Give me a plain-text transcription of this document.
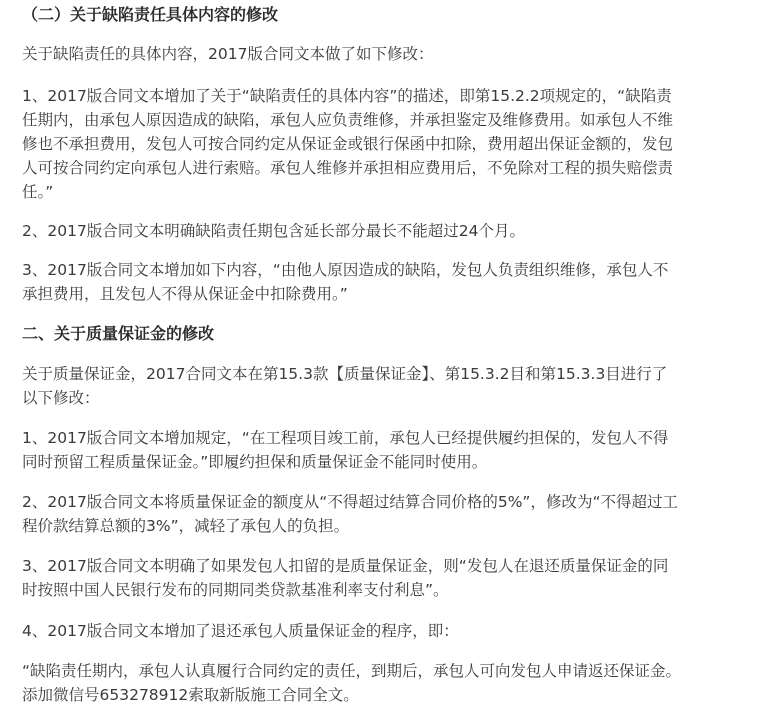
（二）关于缺陷责任具体内容的修改

关于缺陷责任的具体内容，2017版合同文本做了如下修改：

1、2017版合同文本增加了关于“缺陷责任的具体内容”的描述，即第15.2.2项规定的，“缺陷责任期内，由承包人原因造成的缺陷，承包人应负责维修，并承担鉴定及维修费用。如承包人不维修也不承担费用，发包人可按合同约定从保证金或银行保函中扣除，费用超出保证金额的，发包人可按合同约定向承包人进行索赔。承包人维修并承担相应费用后，不免除对工程的损失赔偿责任。”

2、2017版合同文本明确缺陷责任期包含延长部分最长不能超过24个月。

3、2017版合同文本增加如下内容，“由他人原因造成的缺陷，发包人负责组织维修，承包人不承担费用，且发包人不得从保证金中扣除费用。”

二、关于质量保证金的修改

关于质量保证金，2017合同文本在第15.3款【质量保证金】、第15.3.2目和第15.3.3目进行了以下修改：

1、2017版合同文本增加规定，“在工程项目竣工前，承包人已经提供履约担保的，发包人不得同时预留工程质量保证金。”即履约担保和质量保证金不能同时使用。

2、2017版合同文本将质量保证金的额度从“不得超过结算合同价格的5%”，修改为“不得超过工程价款结算总额的3%”，减轻了承包人的负担。

3、2017版合同文本明确了如果发包人扣留的是质量保证金，则“发包人在退还质量保证金的同时按照中国人民银行发布的同期同类贷款基准利率支付利息”。

4、2017版合同文本增加了退还承包人质量保证金的程序，即：

“缺陷责任期内，承包人认真履行合同约定的责任，到期后，承包人可向发包人申请返还保证金。添加微信号653278912索取新版施工合同全文。
